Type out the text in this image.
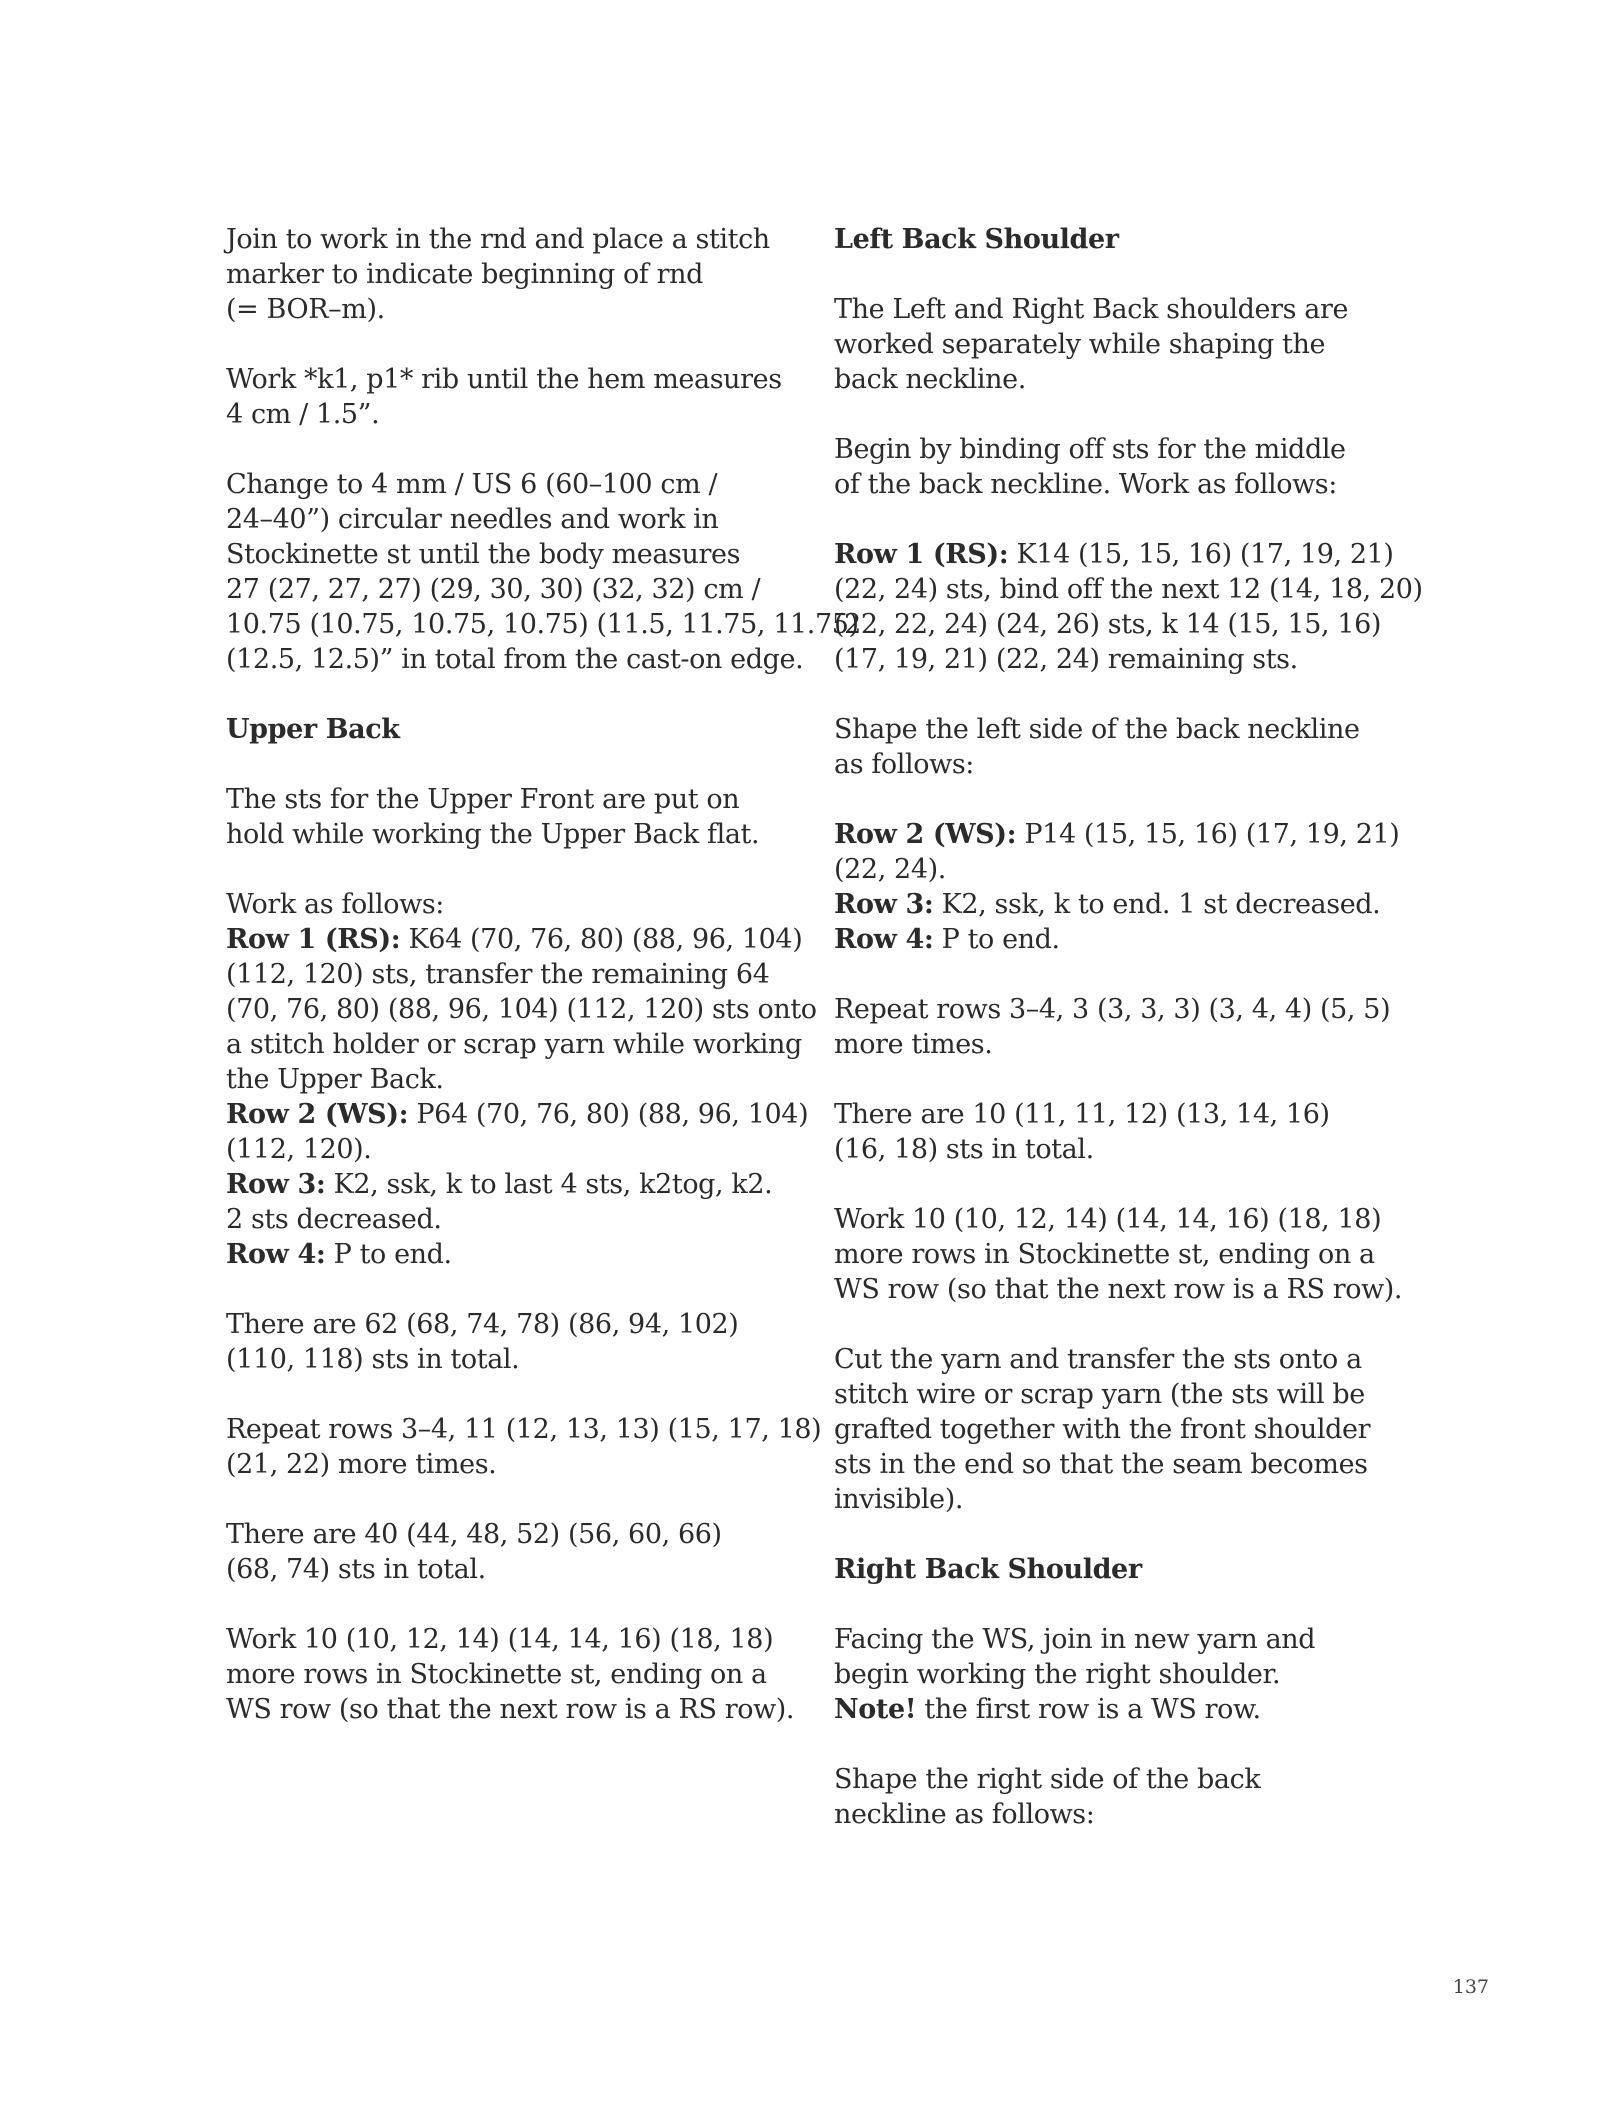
Join to work in the rnd and place a stitch
marker to indicate beginning of rnd
(= BOR–m).

Work *k1, p1* rib until the hem measures
4 cm / 1.5”.

Change to 4 mm / US 6 (60–100 cm /
24–40”) circular needles and work in
Stockinette st until the body measures
27 (27, 27, 27) (29, 30, 30) (32, 32) cm /
10.75 (10.75, 10.75, 10.75) (11.5, 11.75, 11.75)
(12.5, 12.5)” in total from the cast-on edge.

Upper Back

The sts for the Upper Front are put on
hold while working the Upper Back flat.

Work as follows:
Row 1 (RS): K64 (70, 76, 80) (88, 96, 104)
(112, 120) sts, transfer the remaining 64
(70, 76, 80) (88, 96, 104) (112, 120) sts onto
a stitch holder or scrap yarn while working
the Upper Back.
Row 2 (WS): P64 (70, 76, 80) (88, 96, 104)
(112, 120).
Row 3: K2, ssk, k to last 4 sts, k2tog, k2.
2 sts decreased.
Row 4: P to end.

There are 62 (68, 74, 78) (86, 94, 102)
(110, 118) sts in total.

Repeat rows 3–4, 11 (12, 13, 13) (15, 17, 18)
(21, 22) more times.

There are 40 (44, 48, 52) (56, 60, 66)
(68, 74) sts in total.

Work 10 (10, 12, 14) (14, 14, 16) (18, 18)
more rows in Stockinette st, ending on a
WS row (so that the next row is a RS row).

Left Back Shoulder

The Left and Right Back shoulders are
worked separately while shaping the
back neckline.

Begin by binding off sts for the middle
of the back neckline. Work as follows:

Row 1 (RS): K14 (15, 15, 16) (17, 19, 21)
(22, 24) sts, bind off the next 12 (14, 18, 20)
(22, 22, 24) (24, 26) sts, k 14 (15, 15, 16)
(17, 19, 21) (22, 24) remaining sts.

Shape the left side of the back neckline
as follows:

Row 2 (WS): P14 (15, 15, 16) (17, 19, 21)
(22, 24).
Row 3: K2, ssk, k to end. 1 st decreased.
Row 4: P to end.

Repeat rows 3–4, 3 (3, 3, 3) (3, 4, 4) (5, 5)
more times.

There are 10 (11, 11, 12) (13, 14, 16)
(16, 18) sts in total.

Work 10 (10, 12, 14) (14, 14, 16) (18, 18)
more rows in Stockinette st, ending on a
WS row (so that the next row is a RS row).

Cut the yarn and transfer the sts onto a
stitch wire or scrap yarn (the sts will be
grafted together with the front shoulder
sts in the end so that the seam becomes
invisible).

Right Back Shoulder

Facing the WS, join in new yarn and
begin working the right shoulder.
Note! the first row is a WS row.

Shape the right side of the back
neckline as follows:

137
